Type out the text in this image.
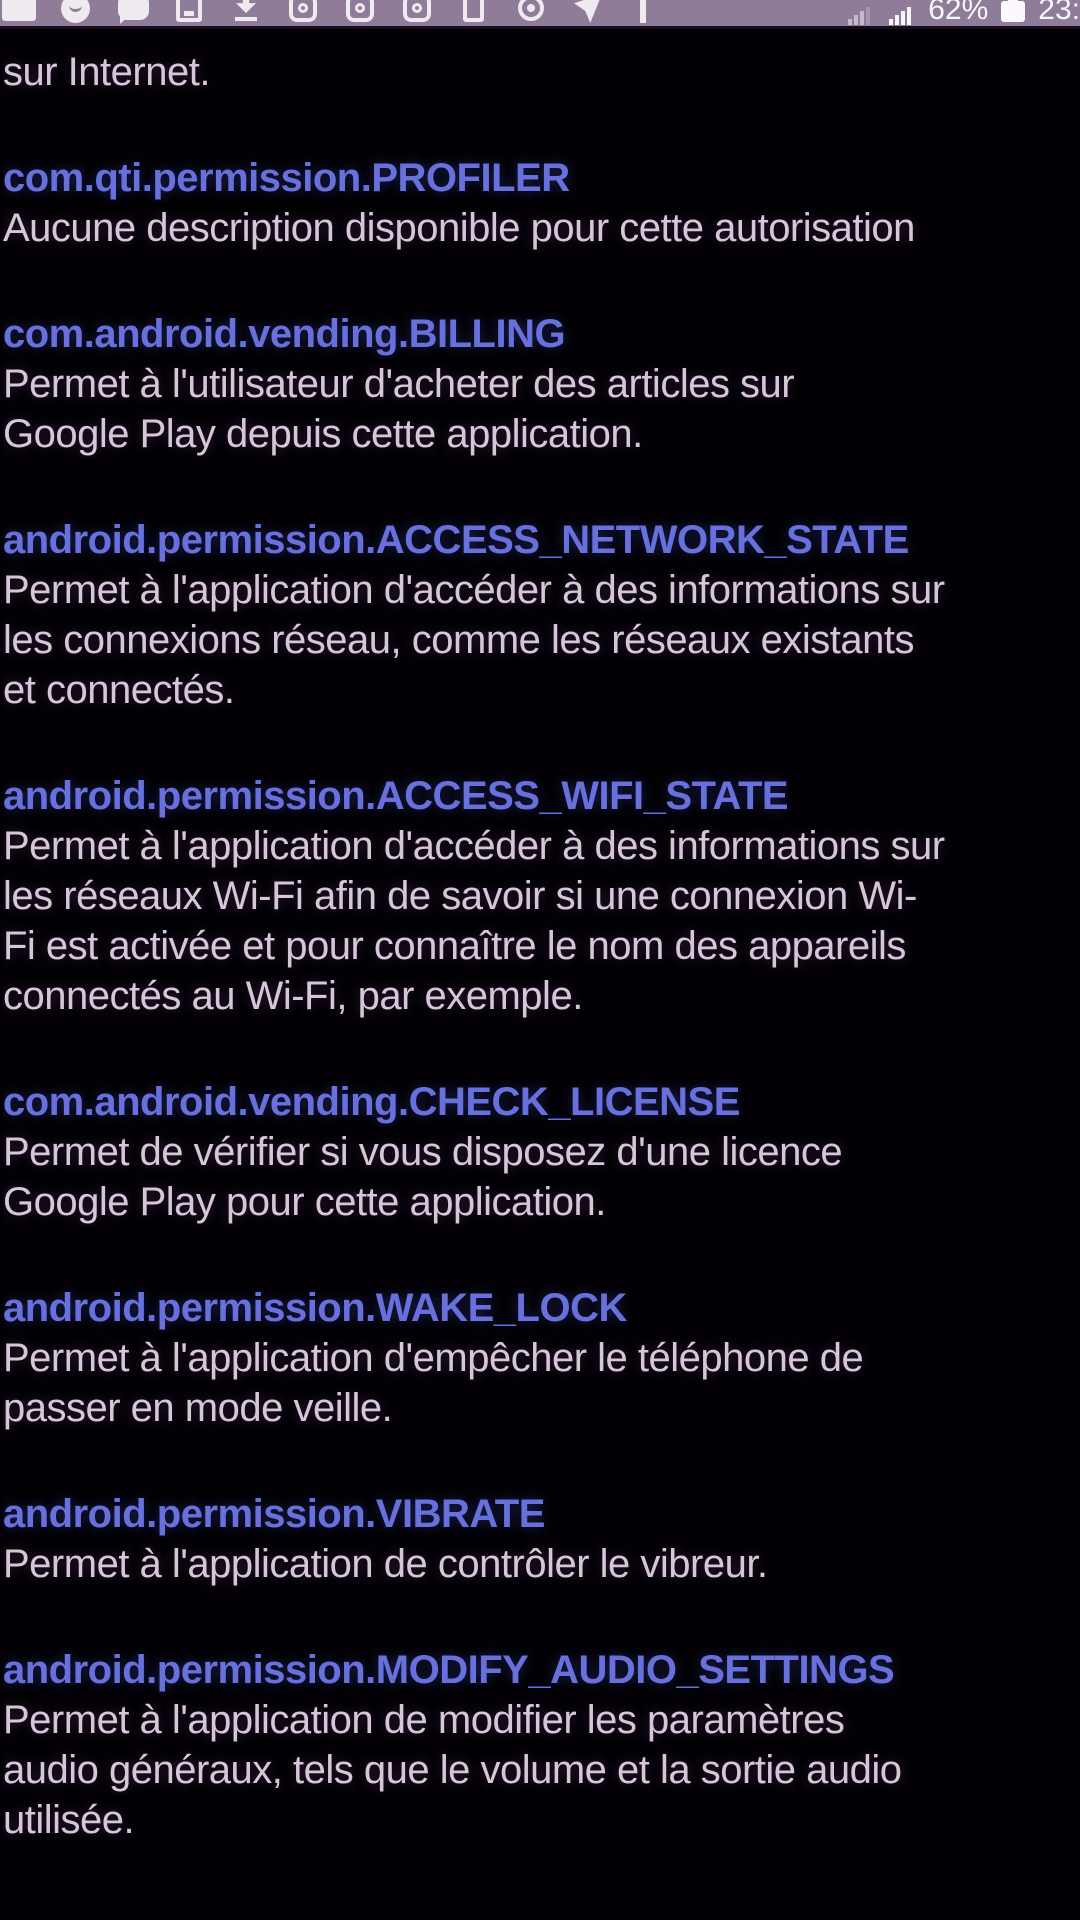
62% 23:
sur Internet.
com.qti.permission.PROFILER
Aucune description disponible pour cette autorisation
com.android.vending.BILLING
Permet à l'utilisateur d'acheter des articles sur
Google Play depuis cette application.
android.permission.ACCESS_NETWORK_STATE
Permet à l'application d'accéder à des informations sur
les connexions réseau, comme les réseaux existants
et connectés.
android.permission.ACCESS_WIFI_STATE
Permet à l'application d'accéder à des informations sur
les réseaux Wi-Fi afin de savoir si une connexion Wi-
Fi est activée et pour connaître le nom des appareils
connectés au Wi-Fi, par exemple.
com.android.vending.CHECK_LICENSE
Permet de vérifier si vous disposez d'une licence
Google Play pour cette application.
android.permission.WAKE_LOCK
Permet à l'application d'empêcher le téléphone de
passer en mode veille.
android.permission.VIBRATE
Permet à l'application de contrôler le vibreur.
android.permission.MODIFY_AUDIO_SETTINGS
Permet à l'application de modifier les paramètres
audio généraux, tels que le volume et la sortie audio
utilisée.
